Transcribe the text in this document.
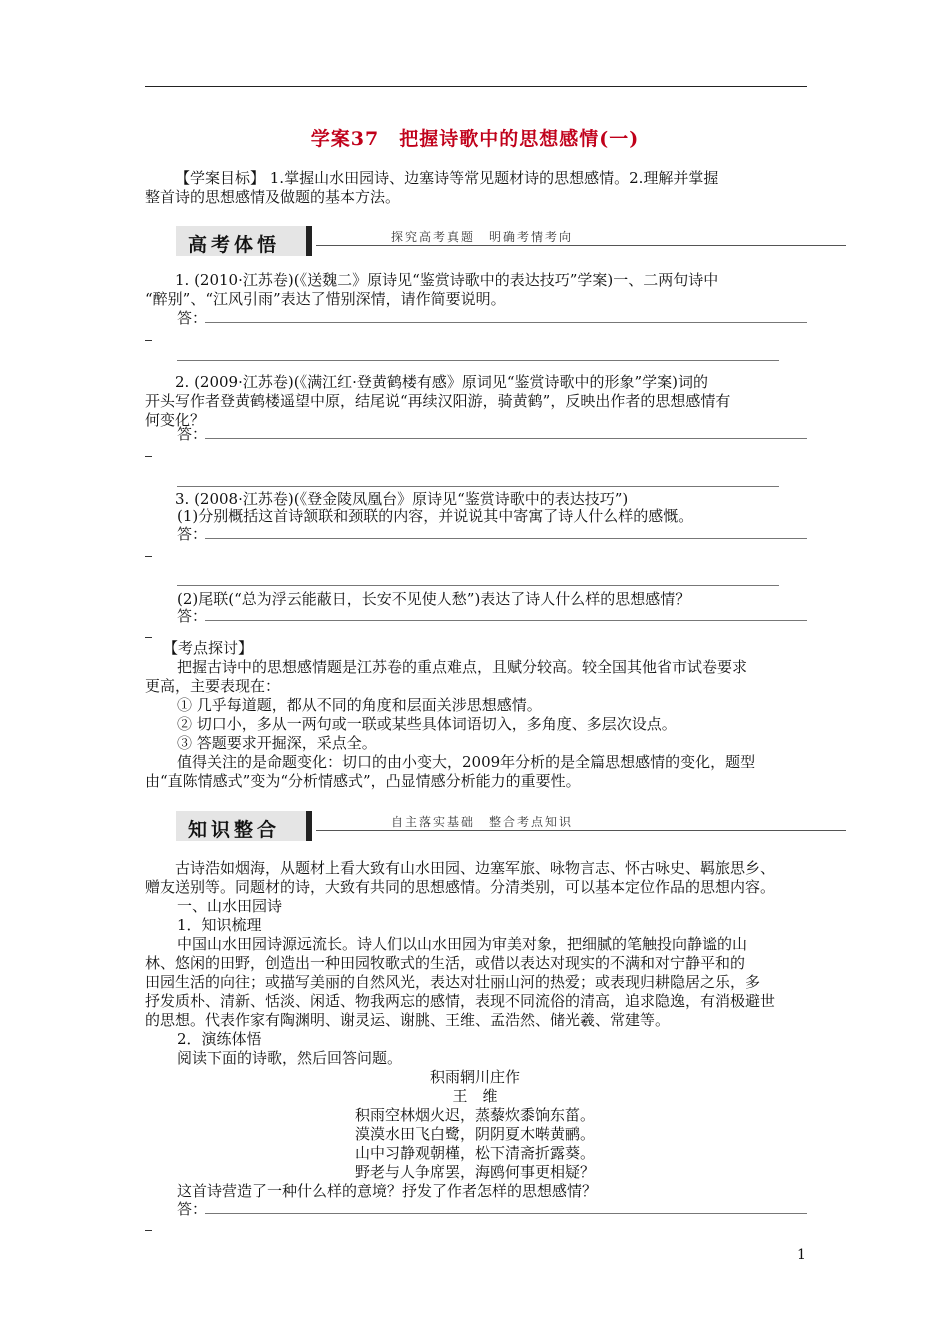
学案37　把握诗歌中的思想感情(一)
【学案目标】 1.掌握山水田园诗、边塞诗等常见题材诗的思想感情。2.理解并掌握
整首诗的思想感情及做题的基本方法。
高考体悟	探究高考真题　明确考情考向
1. (2010·江苏卷)(《送魏二》原诗见“鉴赏诗歌中的表达技巧”学案)一、二两句诗中
“醉别”、“江风引雨”表达了惜别深情，请作简要说明。
答：
2. (2009·江苏卷)(《满江红·登黄鹤楼有感》原词见“鉴赏诗歌中的形象”学案)词的
开头写作者登黄鹤楼遥望中原，结尾说“再续汉阳游，骑黄鹤”，反映出作者的思想感情有
何变化？
答：
3. (2008·江苏卷)(《登金陵凤凰台》原诗见“鉴赏诗歌中的表达技巧”)
(1)分别概括这首诗颔联和颈联的内容，并说说其中寄寓了诗人什么样的感慨。
答：
(2)尾联(“总为浮云能蔽日，长安不见使人愁”)表达了诗人什么样的思想感情？
答：
【考点探讨】
把握古诗中的思想感情题是江苏卷的重点难点，且赋分较高。较全国其他省市试卷要求
更高，主要表现在：
① 几乎每道题，都从不同的角度和层面关涉思想感情。
② 切口小，多从一两句或一联或某些具体词语切入，多角度、多层次设点。
③ 答题要求开掘深，采点全。
值得关注的是命题变化：切口的由小变大，2009年分析的是全篇思想感情的变化，题型
由“直陈情感式”变为“分析情感式”，凸显情感分析能力的重要性。
知识整合	自主落实基础　整合考点知识
古诗浩如烟海，从题材上看大致有山水田园、边塞军旅、咏物言志、怀古咏史、羁旅思乡、
赠友送别等。同题材的诗，大致有共同的思想感情。分清类别，可以基本定位作品的思想内容。
一、山水田园诗
1．知识梳理
中国山水田园诗源远流长。诗人们以山水田园为审美对象，把细腻的笔触投向静谧的山
林、悠闲的田野，创造出一种田园牧歌式的生活，或借以表达对现实的不满和对宁静平和的
田园生活的向往；或描写美丽的自然风光，表达对壮丽山河的热爱；或表现归耕隐居之乐，多
抒发质朴、清新、恬淡、闲适、物我两忘的感情，表现不同流俗的清高，追求隐逸，有消极避世
的思想。代表作家有陶渊明、谢灵运、谢朓、王维、孟浩然、储光羲、常建等。
2．演练体悟
阅读下面的诗歌，然后回答问题。
积雨辋川庄作
王　维
积雨空林烟火迟，蒸藜炊黍饷东菑。
漠漠水田飞白鹭，阴阴夏木啭黄鹂。
山中习静观朝槿，松下清斋折露葵。
野老与人争席罢，海鸥何事更相疑？
这首诗营造了一种什么样的意境？抒发了作者怎样的思想感情？
答：
1
